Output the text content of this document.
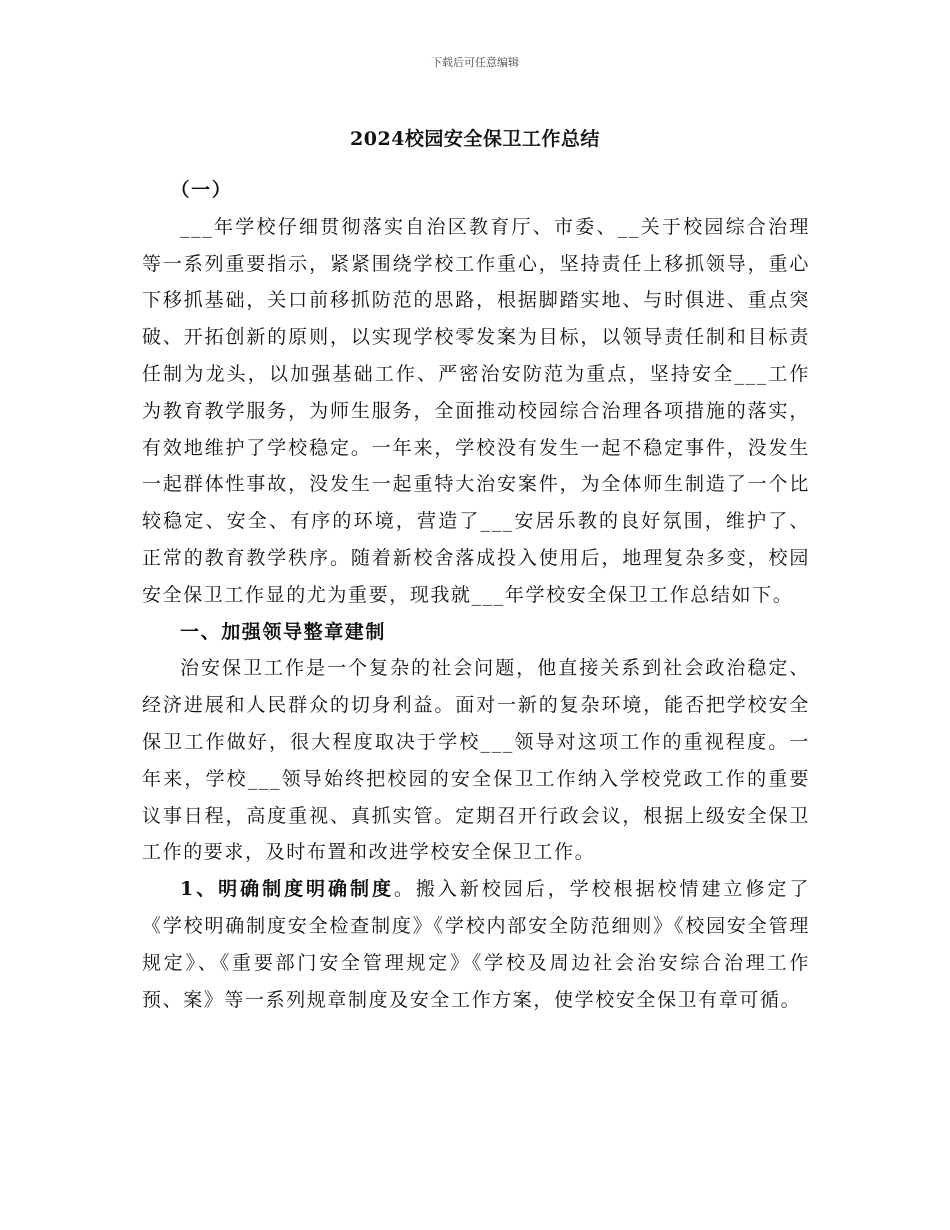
下载后可任意编辑
2024校园安全保卫工作总结

（一）

___年学校仔细贯彻落实自治区教育厅、市委、__关于校园综合治理等一系列重要指示，紧紧围绕学校工作重心，坚持责任上移抓领导，重心下移抓基础，关口前移抓防范的思路，根据脚踏实地、与时俱进、重点突破、开拓创新的原则，以实现学校零发案为目标，以领导责任制和目标责任制为龙头，以加强基础工作、严密治安防范为重点，坚持安全___工作为教育教学服务，为师生服务，全面推动校园综合治理各项措施的落实，有效地维护了学校稳定。一年来，学校没有发生一起不稳定事件，没发生一起群体性事故，没发生一起重特大治安案件，为全体师生制造了一个比较稳定、安全、有序的环境，营造了___安居乐教的良好氛围，维护了、正常的教育教学秩序。随着新校舍落成投入使用后，地理复杂多变，校园安全保卫工作显的尤为重要，现我就___年学校安全保卫工作总结如下。

一、加强领导整章建制

治安保卫工作是一个复杂的社会问题，他直接关系到社会政治稳定、经济进展和人民群众的切身利益。面对一新的复杂环境，能否把学校安全保卫工作做好，很大程度取决于学校___领导对这项工作的重视程度。一年来，学校___领导始终把校园的安全保卫工作纳入学校党政工作的重要议事日程，高度重视、真抓实管。定期召开行政会议，根据上级安全保卫工作的要求，及时布置和改进学校安全保卫工作。

1、明确制度明确制度。搬入新校园后，学校根据校情建立修定了《学校明确制度安全检查制度》《学校内部安全防范细则》《校园安全管理规定》、《重要部门安全管理规定》《学校及周边社会治安综合治理工作预、案》等一系列规章制度及安全工作方案，使学校安全保卫有章可循。
